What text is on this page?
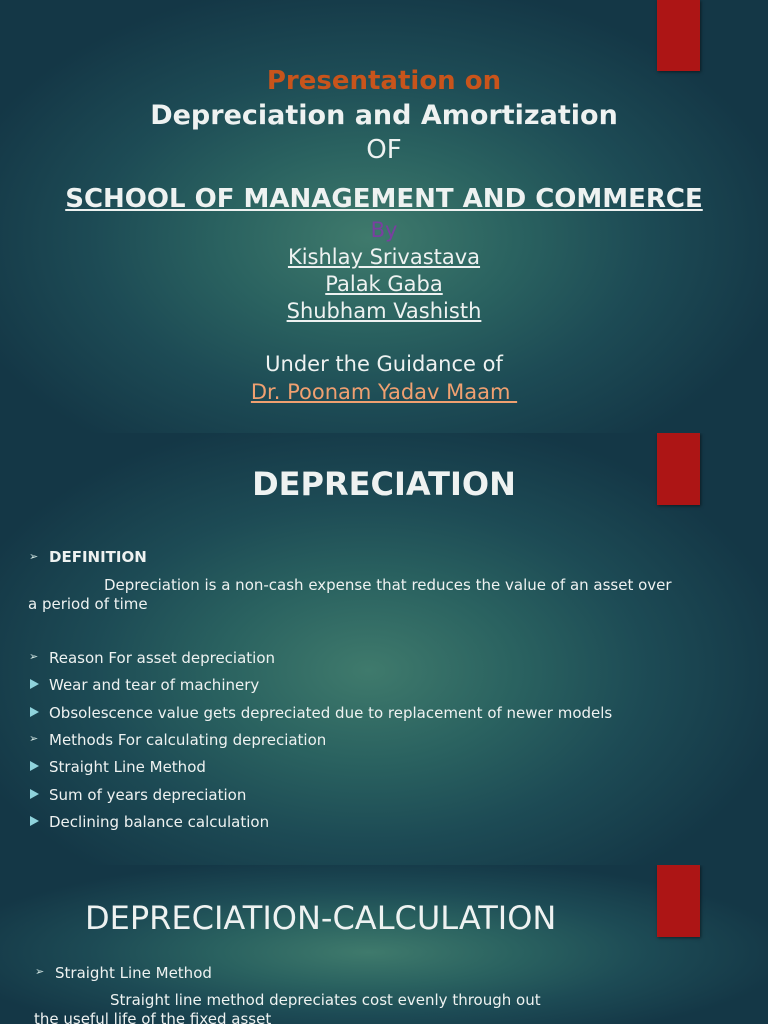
Presentation on
Depreciation and Amortization
OF
SCHOOL OF MANAGEMENT AND COMMERCE
By
Kishlay Srivastava
Palak Gaba
Shubham Vashisth
Under the Guidance of
Dr. Poonam Yadav Maam
DEPRECIATION
➢ DEFINITION
Depreciation is a non-cash expense that reduces the value of an asset over
a period of time
➢ Reason For asset depreciation
Wear and tear of machinery
Obsolescence value gets depreciated due to replacement of newer models
➢ Methods For calculating depreciation
Straight Line Method
Sum of years depreciation
Declining balance calculation
DEPRECIATION-CALCULATION
➢ Straight Line Method
Straight line method depreciates cost evenly through out
the useful life of the fixed asset
